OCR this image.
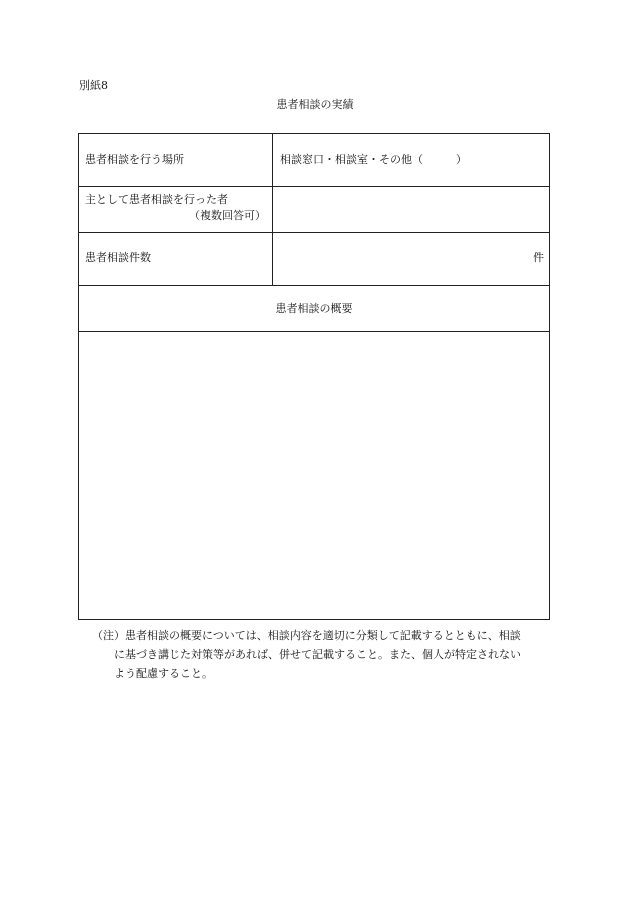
別紙8
患者相談の実績
患者相談を行う場所	相談窓口・相談室・その他（　　　）
主として患者相談を行った者
（複数回答可）
患者相談件数	件
患者相談の概要
（注） 患者相談の概要については、相談内容を適切に分類して記載するとともに、相談
に基づき講じた対策等があれば、併せて記載すること。また、個人が特定されない
よう配慮すること。
